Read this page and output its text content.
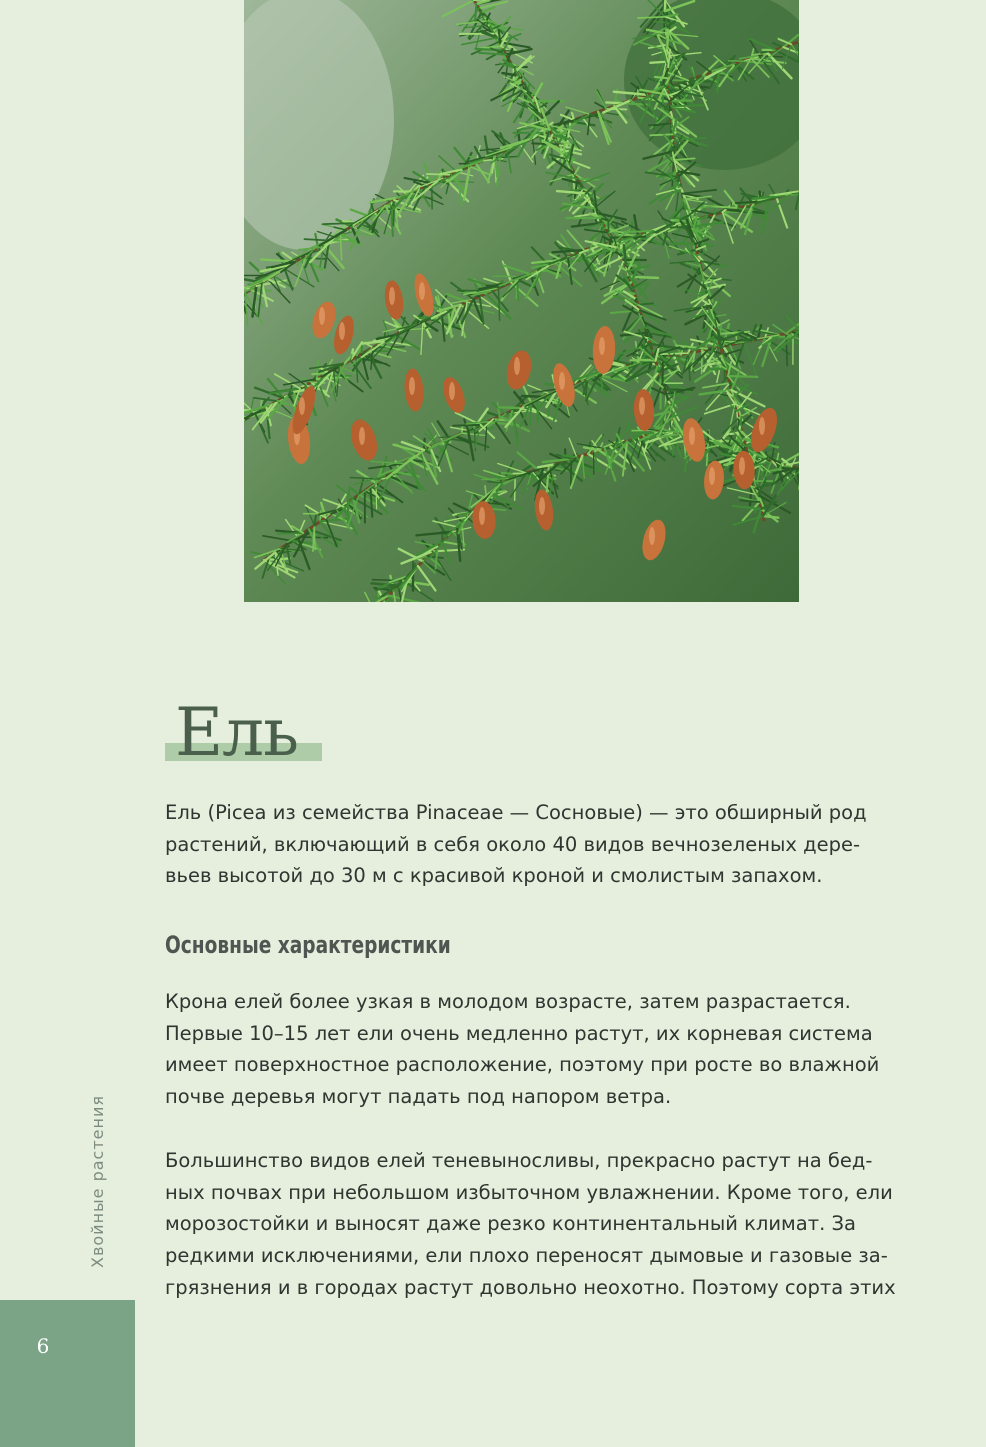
Ель

Ель (Picea из семейства Pinaceae — Сосновые) — это обширный род
растений, включающий в себя около 40 видов вечнозеленых дере-
вьев высотой до 30 м с красивой кроной и смолистым запахом.

Основные характеристики

Крона елей более узкая в молодом возрасте, затем разрастается.
Первые 10–15 лет ели очень медленно растут, их корневая система
имеет поверхностное расположение, поэтому при росте во влажной
почве деревья могут падать под напором ветра.

Большинство видов елей теневыносливы, прекрасно растут на бед-
ных почвах при небольшом избыточном увлажнении. Кроме того, ели
морозостойки и выносят даже резко континентальный климат. За
редкими исключениями, ели плохо переносят дымовые и газовые за-
грязнения и в городах растут довольно неохотно. Поэтому сорта этих

Хвойные растения
6
